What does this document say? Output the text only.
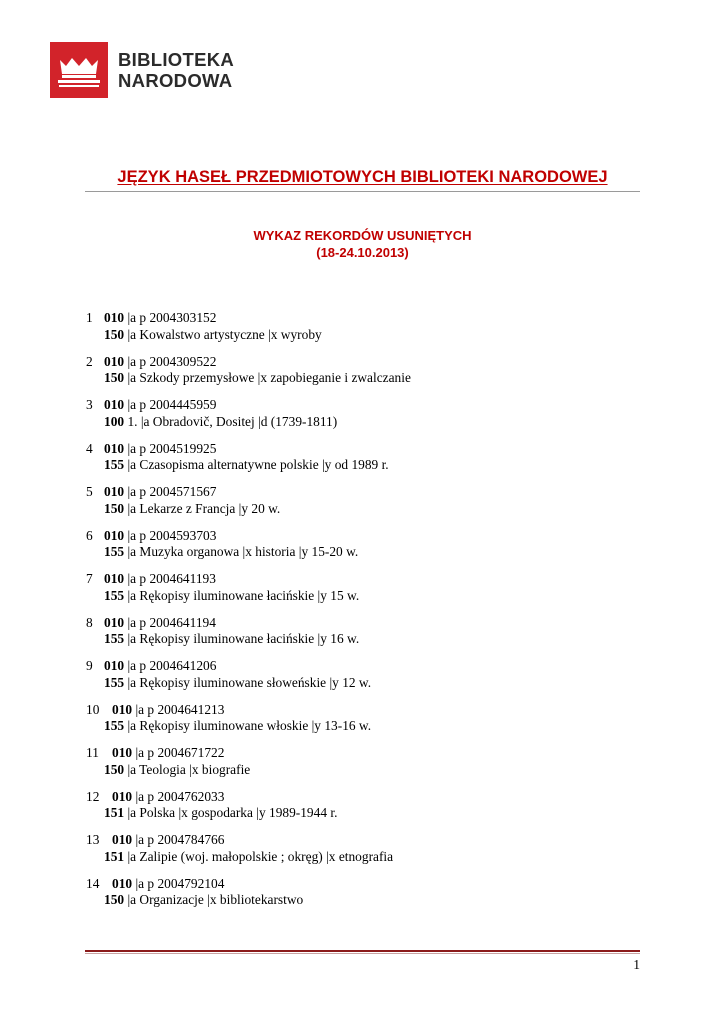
BIBLIOTEKA
NARODOWA
JĘZYK HASEŁ PRZEDMIOTOWYCH BIBLIOTEKI NARODOWEJ
WYKAZ REKORDÓW USUNIĘTYCH
(18-24.10.2013)
1 010 |a p 2004303152
150 |a Kowalstwo artystyczne |x wyroby
2 010 |a p 2004309522
150 |a Szkody przemysłowe |x zapobieganie i zwalczanie
3 010 |a p 2004445959
100 1. |a Obradovič, Dositej |d (1739-1811)
4 010 |a p 2004519925
155 |a Czasopisma alternatywne polskie |y od 1989 r.
5 010 |a p 2004571567
150 |a Lekarze z Francja |y 20 w.
6 010 |a p 2004593703
155 |a Muzyka organowa |x historia |y 15-20 w.
7 010 |a p 2004641193
155 |a Rękopisy iluminowane łacińskie |y 15 w.
8 010 |a p 2004641194
155 |a Rękopisy iluminowane łacińskie |y 16 w.
9 010 |a p 2004641206
155 |a Rękopisy iluminowane słoweńskie |y 12 w.
10 010 |a p 2004641213
155 |a Rękopisy iluminowane włoskie |y 13-16 w.
11 010 |a p 2004671722
150 |a Teologia |x biografie
12 010 |a p 2004762033
151 |a Polska |x gospodarka |y 1989-1944 r.
13 010 |a p 2004784766
151 |a Zalipie (woj. małopolskie ; okręg) |x etnografia
14 010 |a p 2004792104
150 |a Organizacje |x bibliotekarstwo
1
